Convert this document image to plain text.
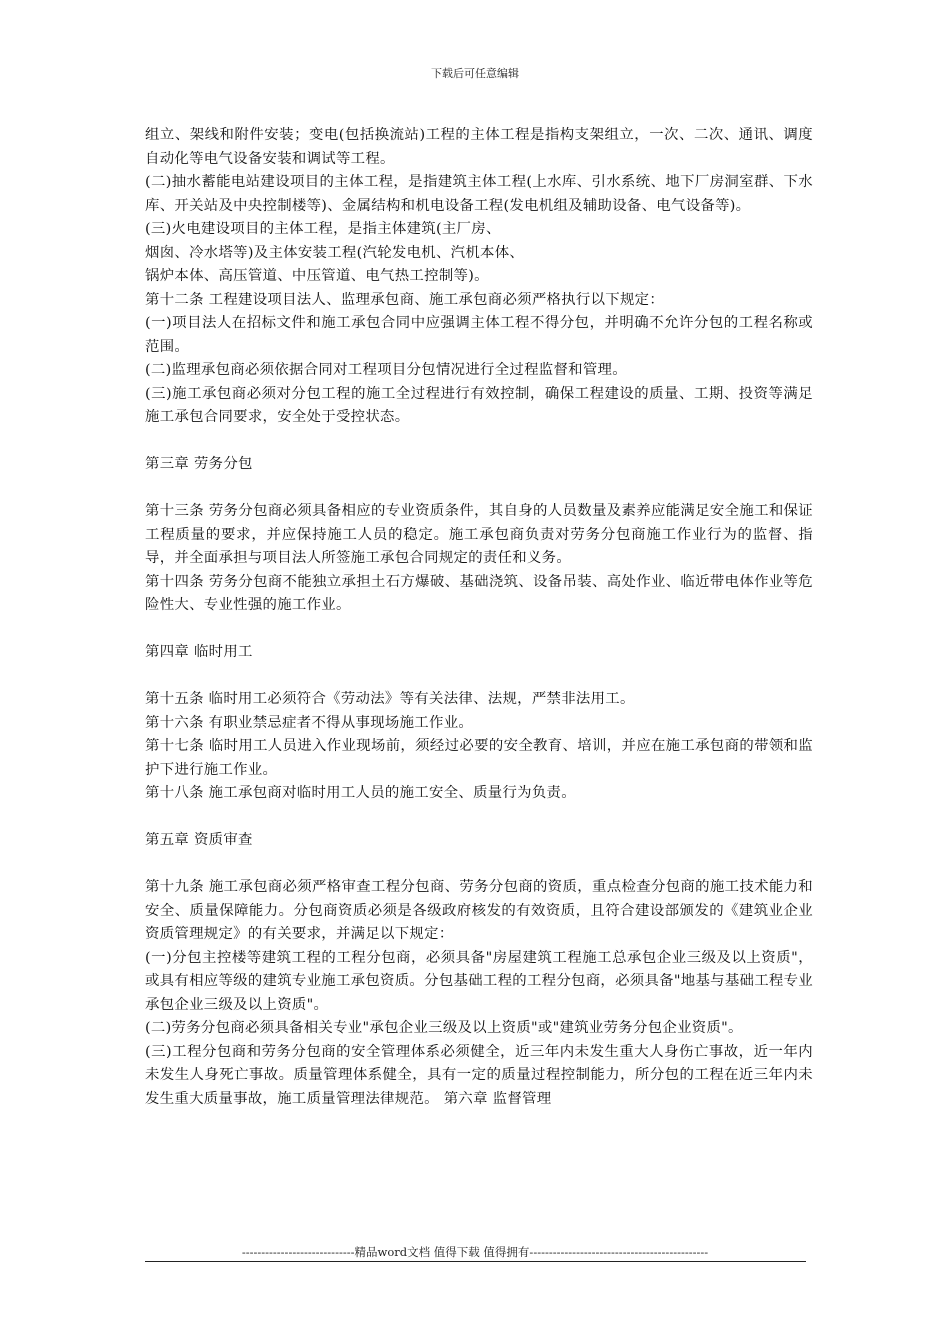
下载后可任意编辑

组立、架线和附件安装；变电(包括换流站)工程的主体工程是指构支架组立，一次、二次、通讯、调度自动化等电气设备安装和调试等工程。

(二)抽水蓄能电站建设项目的主体工程，是指建筑主体工程(上水库、引水系统、地下厂房洞室群、下水库、开关站及中央控制楼等)、金属结构和机电设备工程(发电机组及辅助设备、电气设备等)。

(三)火电建设项目的主体工程，是指主体建筑(主厂房、

烟囱、冷水塔等)及主体安装工程(汽轮发电机、汽机本体、

锅炉本体、高压管道、中压管道、电气热工控制等)。

第十二条 工程建设项目法人、监理承包商、施工承包商必须严格执行以下规定：

(一)项目法人在招标文件和施工承包合同中应强调主体工程不得分包，并明确不允许分包的工程名称或范围。

(二)监理承包商必须依据合同对工程项目分包情况进行全过程监督和管理。

(三)施工承包商必须对分包工程的施工全过程进行有效控制，确保工程建设的质量、工期、投资等满足施工承包合同要求，安全处于受控状态。

第三章 劳务分包

第十三条 劳务分包商必须具备相应的专业资质条件，其自身的人员数量及素养应能满足安全施工和保证工程质量的要求，并应保持施工人员的稳定。施工承包商负责对劳务分包商施工作业行为的监督、指导，并全面承担与项目法人所签施工承包合同规定的责任和义务。

第十四条 劳务分包商不能独立承担土石方爆破、基础浇筑、设备吊装、高处作业、临近带电体作业等危险性大、专业性强的施工作业。

第四章 临时用工

第十五条 临时用工必须符合《劳动法》等有关法律、法规，严禁非法用工。

第十六条 有职业禁忌症者不得从事现场施工作业。

第十七条 临时用工人员进入作业现场前，须经过必要的安全教育、培训，并应在施工承包商的带领和监护下进行施工作业。

第十八条 施工承包商对临时用工人员的施工安全、质量行为负责。

第五章 资质审查

第十九条 施工承包商必须严格审查工程分包商、劳务分包商的资质，重点检查分包商的施工技术能力和安全、质量保障能力。分包商资质必须是各级政府核发的有效资质，且符合建设部颁发的《建筑业企业资质管理规定》的有关要求，并满足以下规定：

(一)分包主控楼等建筑工程的工程分包商，必须具备"房屋建筑工程施工总承包企业三级及以上资质"，或具有相应等级的建筑专业施工承包资质。分包基础工程的工程分包商，必须具备"地基与基础工程专业承包企业三级及以上资质"。

(二)劳务分包商必须具备相关专业"承包企业三级及以上资质"或"建筑业劳务分包企业资质"。

(三)工程分包商和劳务分包商的安全管理体系必须健全，近三年内未发生重大人身伤亡事故，近一年内未发生人身死亡事故。质量管理体系健全，具有一定的质量过程控制能力，所分包的工程在近三年内未发生重大质量事故，施工质量管理法律规范。 第六章 监督管理

-----------------------------精品word文档 值得下载 值得拥有----------------------------------------------
